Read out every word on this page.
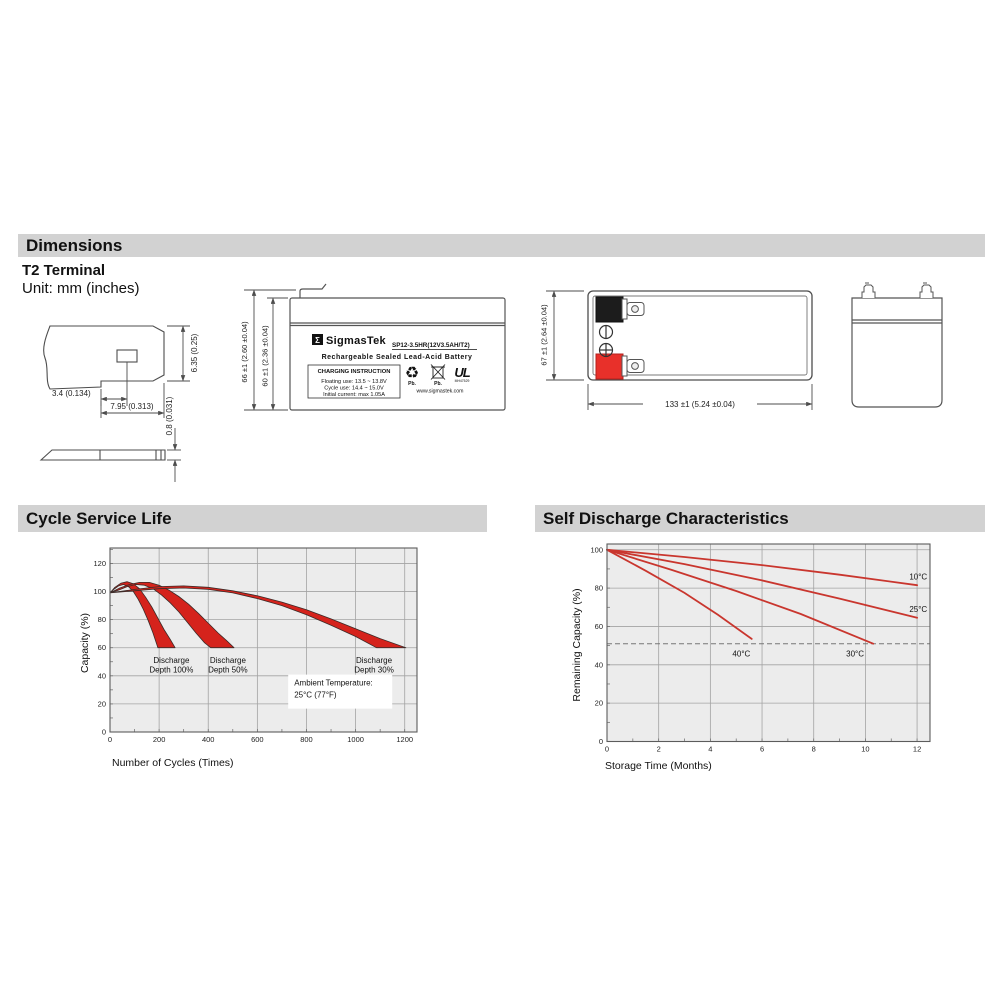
Dimensions
T2 Terminal
Unit: mm (inches)
Cycle Service Life	Self Discharge Characteristics
6.35 (0.25)
3.4 (0.134)
7.95 (0.313) 0.8 (0.031)
66 ±1 (2.60 ±0.04) 60 ±1 (2.36 ±0.04)	Σ SigmasTek SP12-3.5HR(12V3.5AH/T2)
Rechargeable Sealed Lead-Acid Battery
CHARGING INSTRUCTION
Floating use: 13.5 ~ 13.8V
Cycle use: 14.4 ~ 15.0V
Initial current: max 1.05A
♻
Pb.	Pb.
UL
MH47529
www.sigmastek.com
67 ±1 (2.64 ±0.04)
133 ±1 (5.24 ±0.04)
0
20
40
60
80
100
120
0	200	400	600	800	1000	1200
Discharge
Depth 100%
Discharge
Depth 50%
Discharge
Depth 30%
Ambient Temperature:
25°C (77°F)
Capacity (%)
Number of Cycles (Times)
0
20
40
60
80
100
0	2	4	6	8	10	12
10°C
25°C
30°C
40°C
Remaining Capacity (%)
Storage Time (Months)
